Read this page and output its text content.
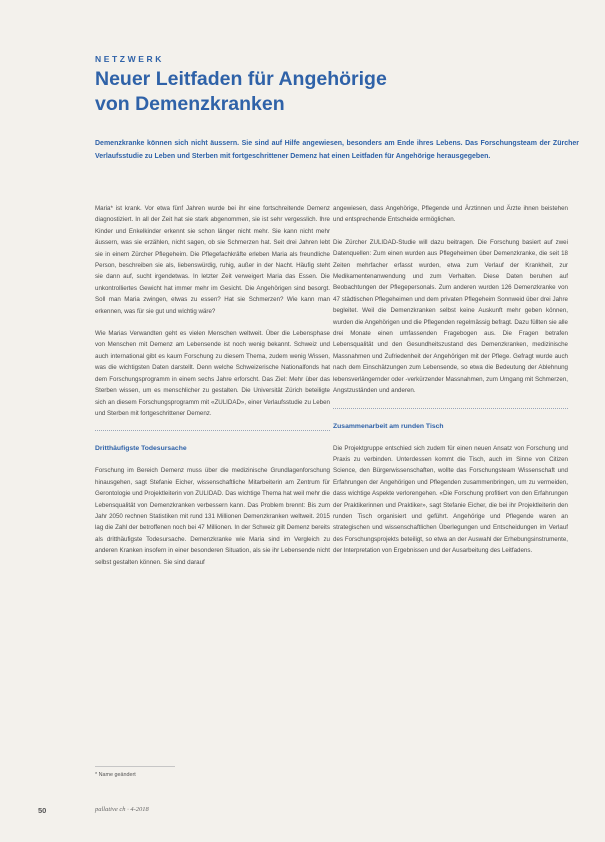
NETZWERK
Neuer Leitfaden für Angehörige
von Demenzkranken
Demenzkranke können sich nicht äussern. Sie sind auf Hilfe angewiesen, besonders am Ende ihres Lebens. Das Forschungsteam der Zürcher Verlaufsstudie zu Leben und Sterben mit fortgeschrittener Demenz hat einen Leitfaden für Angehörige herausgegeben.

Maria* ist krank. Vor etwa fünf Jahren wurde bei ihr eine fortschreitende Demenz diagnostiziert. In all der Zeit hat sie stark abgenommen, sie ist sehr vergesslich. Ihre Kinder und Enkelkinder erkennt sie schon länger nicht mehr. Sie kann nicht mehr äussern, was sie erzählen, nicht sagen, ob sie Schmerzen hat. Seit drei Jahren lebt sie in einem Zürcher Pflegeheim. Die Pflegefachkräfte erleben Maria als freundliche Person, beschreiben sie als, liebenswürdig, ruhig, außer in der Nacht. Häufig steht sie dann auf, sucht irgendetwas. In letzter Zeit verweigert Maria das Essen. Die unkontrolliertes Gewicht hat immer mehr im Gesicht. Die Angehörigen sind besorgt. Soll man Maria zwingen, etwas zu essen? Hat sie Schmerzen? Wie kann man erkennen, was für sie gut und wichtig wäre?

Wie Marias Verwandten geht es vielen Menschen weltweit. Über die Lebensphase von Menschen mit Demenz am Lebensende ist noch wenig bekannt. Schweiz und auch international gibt es kaum Forschung zu diesem Thema, zudem wenig Wissen, was die wichtigsten Daten darstellt. Denn welche Schweizerische Nationalfonds hat dem Forschungsprogramm in einem sechs Jahre erforscht. Das Ziel: Mehr über das Sterben wissen, um es menschlicher zu gestalten. Die Universität Zürich beteiligte sich an diesem Forschungsprogramm mit «ZULIDAD», einer Verlaufsstudie zu Leben und Sterben mit fortgeschrittener Demenz.

Dritthäufigste Todesursache

Forschung im Bereich Demenz muss über die medizinische Grundlagenforschung hinausgehen, sagt Stefanie Eicher, wissenschaftliche Mitarbeiterin am Zentrum für Gerontologie und Projektleiterin von ZULIDAD. Das wichtige Thema hat weil mehr die Lebensqualität von Demenzkranken verbessern kann. Das Problem brennt: Bis zum Jahr 2050 rechnen Statistiken mit rund 131 Millionen Demenzkranken weltweit. 2015 lag die Zahl der betroffenen noch bei 47 Millionen. In der Schweiz gilt Demenz bereits als dritthäufigste Todesursache. Demenzkranke wie Maria sind im Vergleich zu anderen Kranken insofern in einer besonderen Situation, als sie ihr Lebensende nicht selbst gestalten können. Sie sind darauf

angewiesen, dass Angehörige, Pflegende und Ärztinnen und Ärzte ihnen beistehen und entsprechende Entscheide ermöglichen.

Die Zürcher ZULIDAD-Studie will dazu beitragen. Die Forschung basiert auf zwei Datenquellen: Zum einen wurden aus Pflegeheimen über Demenzkranke, die seit 18 Zeiten mehrfacher erfasst wurden, etwa zum Verlauf der Krankheit, zur Medikamentenanwendung und zum Verhalten. Diese Daten beruhen auf Beobachtungen der Pflegepersonals. Zum anderen wurden 126 Demenzkranke von 47 städtischen Pflegeheimen und dem privaten Pflegeheim Sonnweid über drei Jahre begleitet. Weil die Demenzkranken selbst keine Auskunft mehr geben können, wurden die Angehörigen und die Pflegenden regelmässig befragt. Dazu füllten sie alle drei Monate einen umfassenden Fragebogen aus. Die Fragen betrafen Lebensqualität und den Gesundheitszustand des Demenzkranken, medizinische Massnahmen und Zufriedenheit der Angehörigen mit der Pflege. Gefragt wurde auch nach dem Einschätzungen zum Lebensende, so etwa die Bedeutung der Ablehnung lebensverlängernder oder -verkürzender Massnahmen, zum Umgang mit Schmerzen, Angstzuständen und anderen.

Zusammenarbeit am runden Tisch

Die Projektgruppe entschied sich zudem für einen neuen Ansatz von Forschung und Praxis zu verbinden. Unterdessen kommt die Tisch, auch im Sinne von Citizen Science, den Bürgerwissenschaften, wollte das Forschungsteam Wissenschaft und Erfahrungen der Angehörigen und Pflegenden zusammenbringen, um zu vermeiden, dass wichtige Aspekte verlorengehen. «Die Forschung profitiert von den Erfahrungen der Praktikerinnen und Praktiker», sagt Stefanie Eicher, die bei ihr Projektleiterin den runden Tisch organisiert und geführt. Angehörige und Pflegende waren an strategischen und wissenschaftlichen Überlegungen und Entscheidungen im Verlauf des Forschungsprojekts beteiligt, so etwa an der Auswahl der Erhebungsinstrumente, der Interpretation von Ergebnissen und der Ausarbeitung des Leitfadens.

* Name geändert
50	pallative ch · 4-2018
